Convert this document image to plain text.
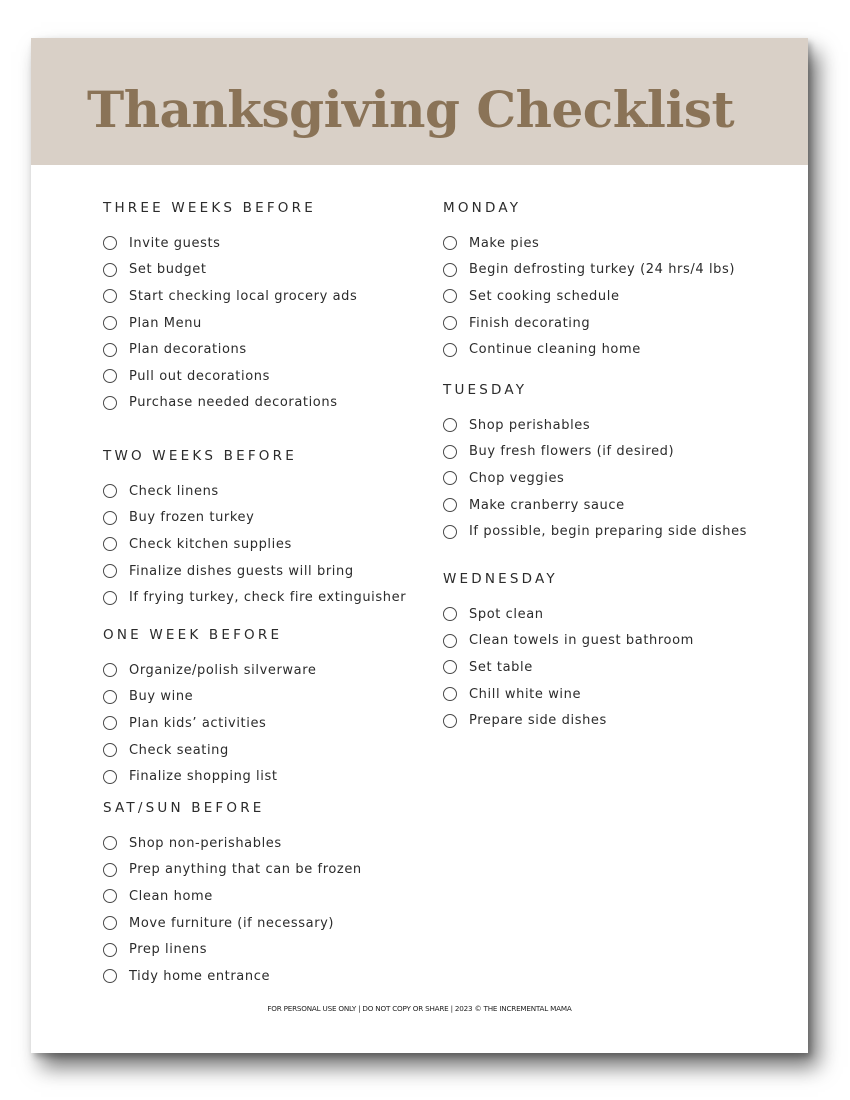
Thanksgiving Checklist
THREE WEEKS BEFORE
Invite guests
Set budget
Start checking local grocery ads
Plan Menu
Plan decorations
Pull out decorations
Purchase needed decorations
TWO WEEKS BEFORE
Check linens
Buy frozen turkey
Check kitchen supplies
Finalize dishes guests will bring
If frying turkey, check fire extinguisher
ONE WEEK BEFORE
Organize/polish silverware
Buy wine
Plan kids’ activities
Check seating
Finalize shopping list
SAT/SUN BEFORE
Shop non-perishables
Prep anything that can be frozen
Clean home
Move furniture (if necessary)
Prep linens
Tidy home entrance
MONDAY
Make pies
Begin defrosting turkey (24 hrs/4 lbs)
Set cooking schedule
Finish decorating
Continue cleaning home
TUESDAY
Shop perishables
Buy fresh flowers (if desired)
Chop veggies
Make cranberry sauce
If possible, begin preparing side dishes
WEDNESDAY
Spot clean
Clean towels in guest bathroom
Set table
Chill white wine
Prepare side dishes
FOR PERSONAL USE ONLY | DO NOT COPY OR SHARE | 2023 © THE INCREMENTAL MAMA
